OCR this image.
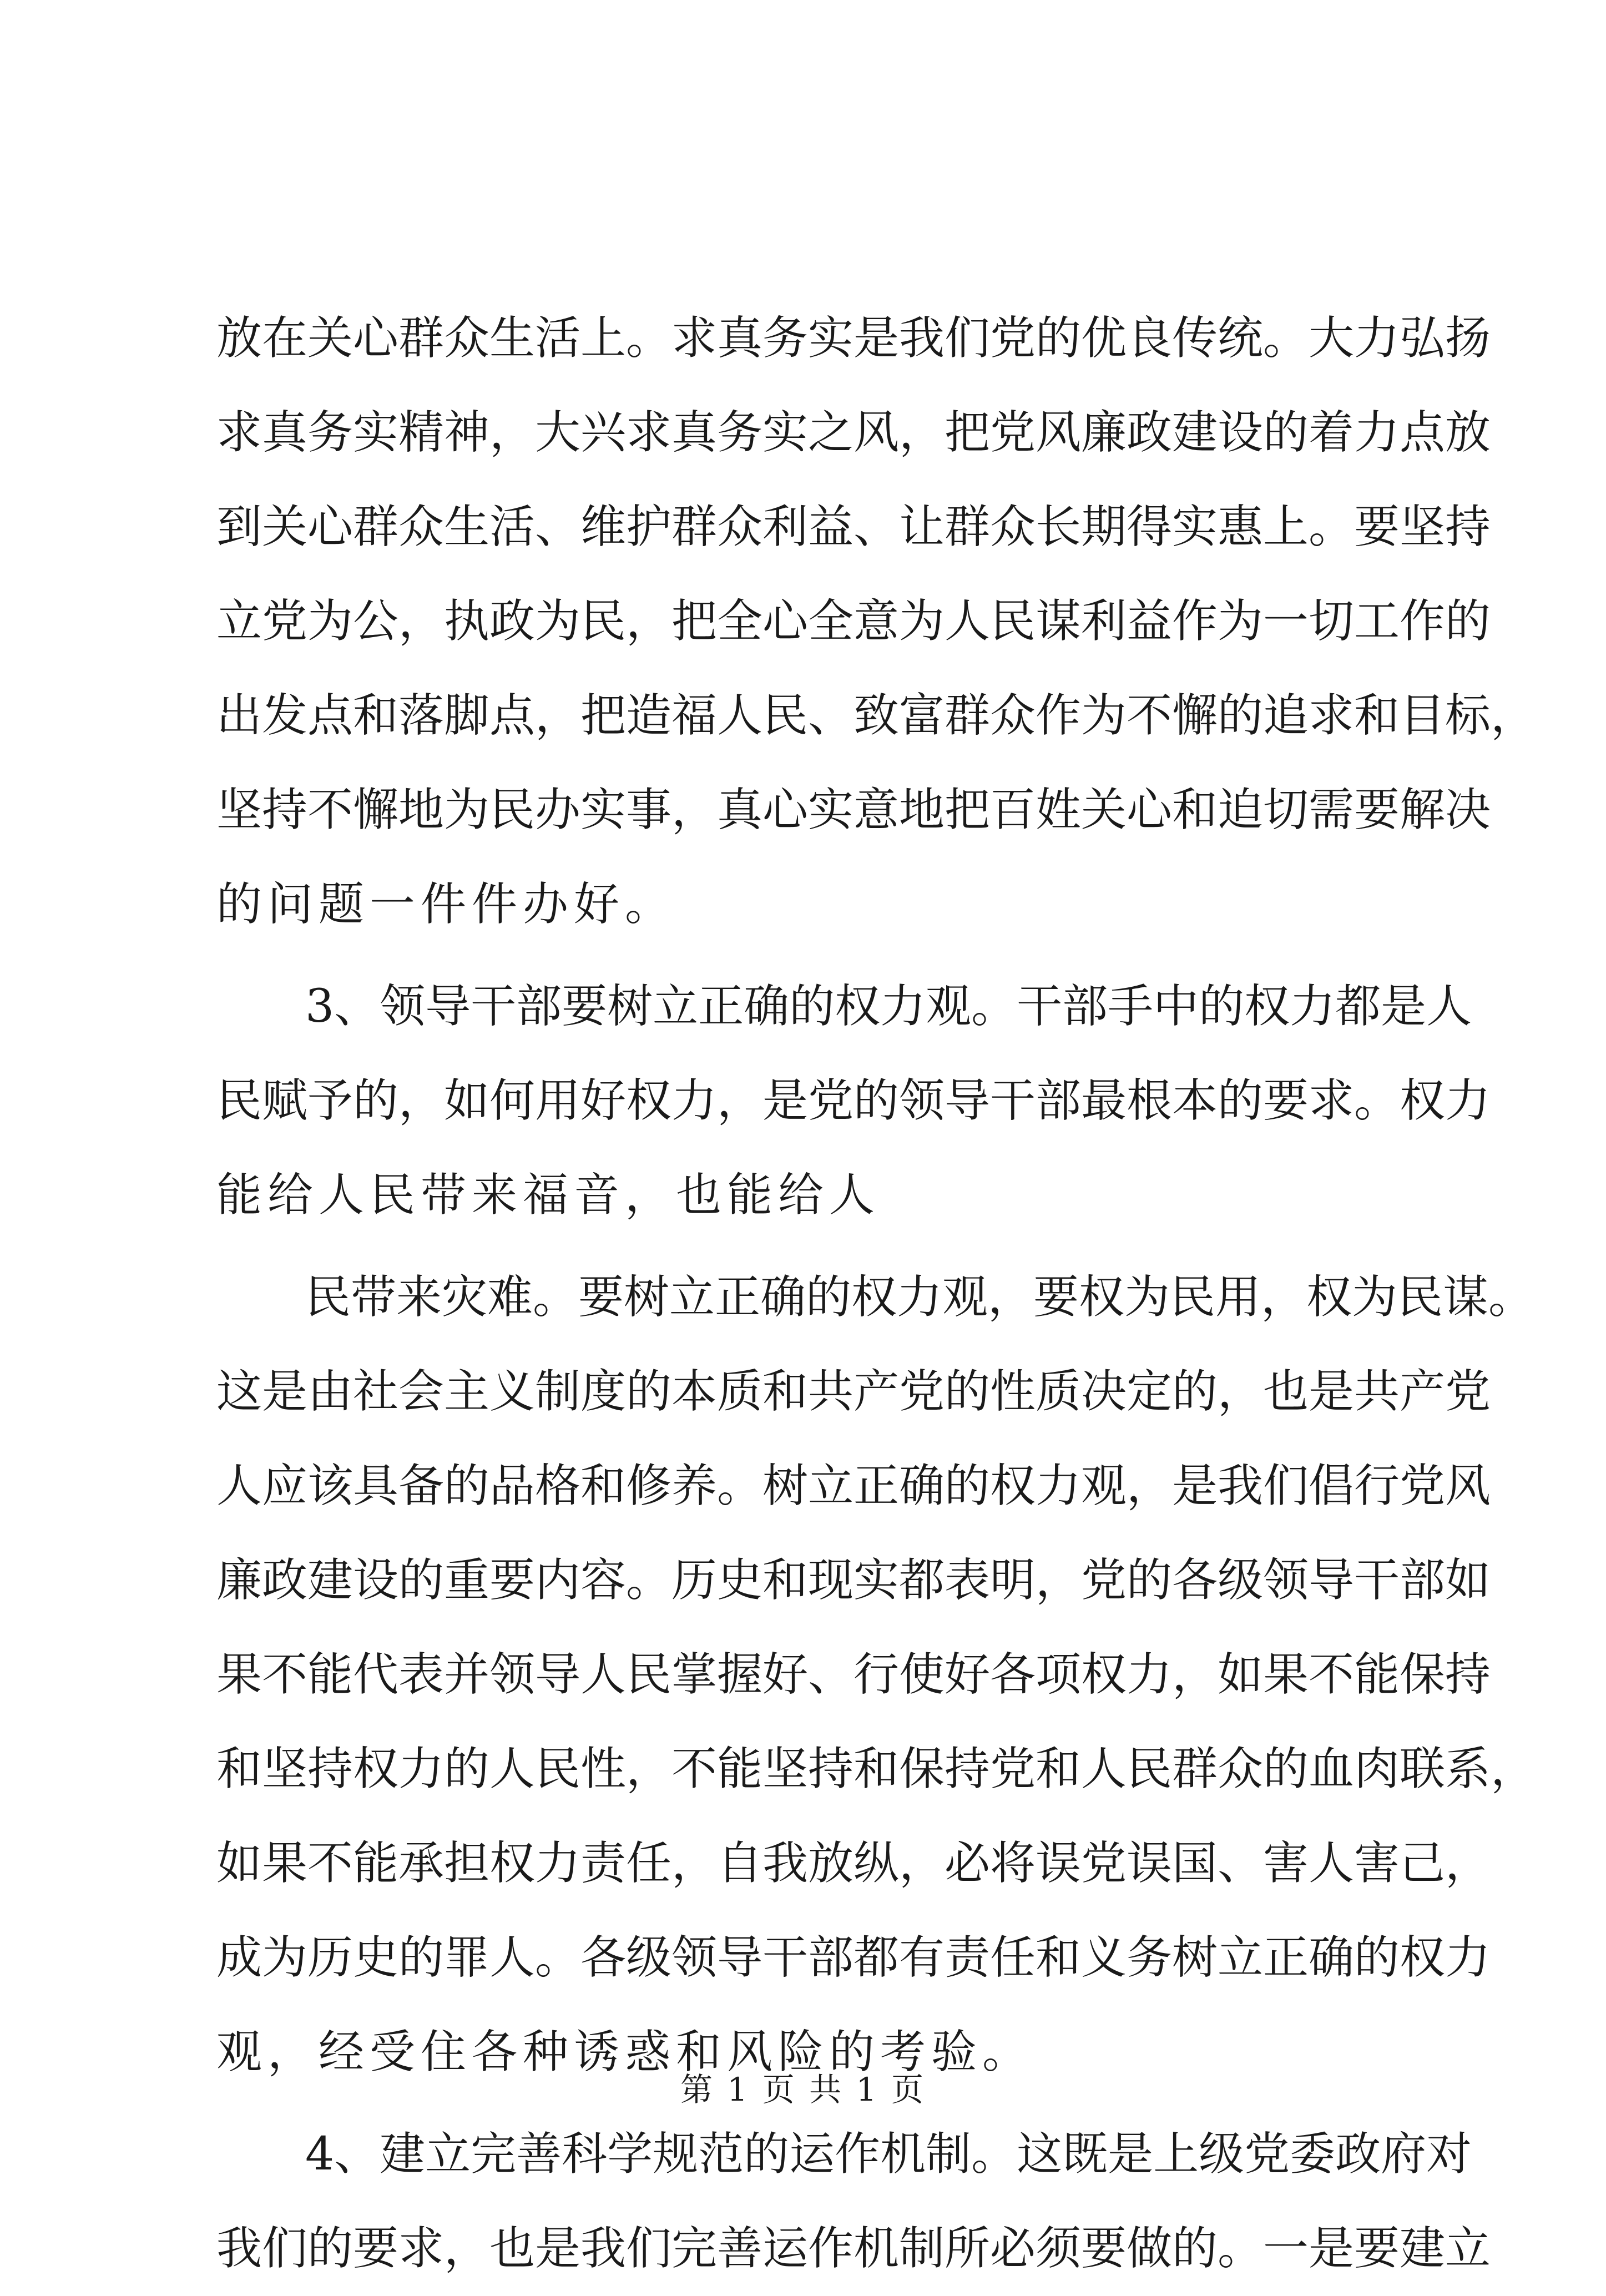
放在关心群众生活上。求真务实是我们党的优良传统。大力弘扬
求真务实精神，大兴求真务实之风，把党风廉政建设的着力点放
到关心群众生活、维护群众利益、让群众长期得实惠上。要坚持
立党为公，执政为民，把全心全意为人民谋利益作为一切工作的
出发点和落脚点，把造福人民、致富群众作为不懈的追求和目标，
坚持不懈地为民办实事，真心实意地把百姓关心和迫切需要解决
的问题一件件办好。
3、领导干部要树立正确的权力观。干部手中的权力都是人
民赋予的，如何用好权力，是党的领导干部最根本的要求。权力
能给人民带来福音，也能给人
民带来灾难。要树立正确的权力观，要权为民用，权为民谋。
这是由社会主义制度的本质和共产党的性质决定的，也是共产党
人应该具备的品格和修养。树立正确的权力观，是我们倡行党风
廉政建设的重要内容。历史和现实都表明，党的各级领导干部如
果不能代表并领导人民掌握好、行使好各项权力，如果不能保持
和坚持权力的人民性，不能坚持和保持党和人民群众的血肉联系，
如果不能承担权力责任，自我放纵，必将误党误国、害人害己，
成为历史的罪人。各级领导干部都有责任和义务树立正确的权力
观，经受住各种诱惑和风险的考验。
4、建立完善科学规范的运作机制。这既是上级党委政府对
我们的要求，也是我们完善运作机制所必须要做的。一是要建立
第 1 页 共 1 页
